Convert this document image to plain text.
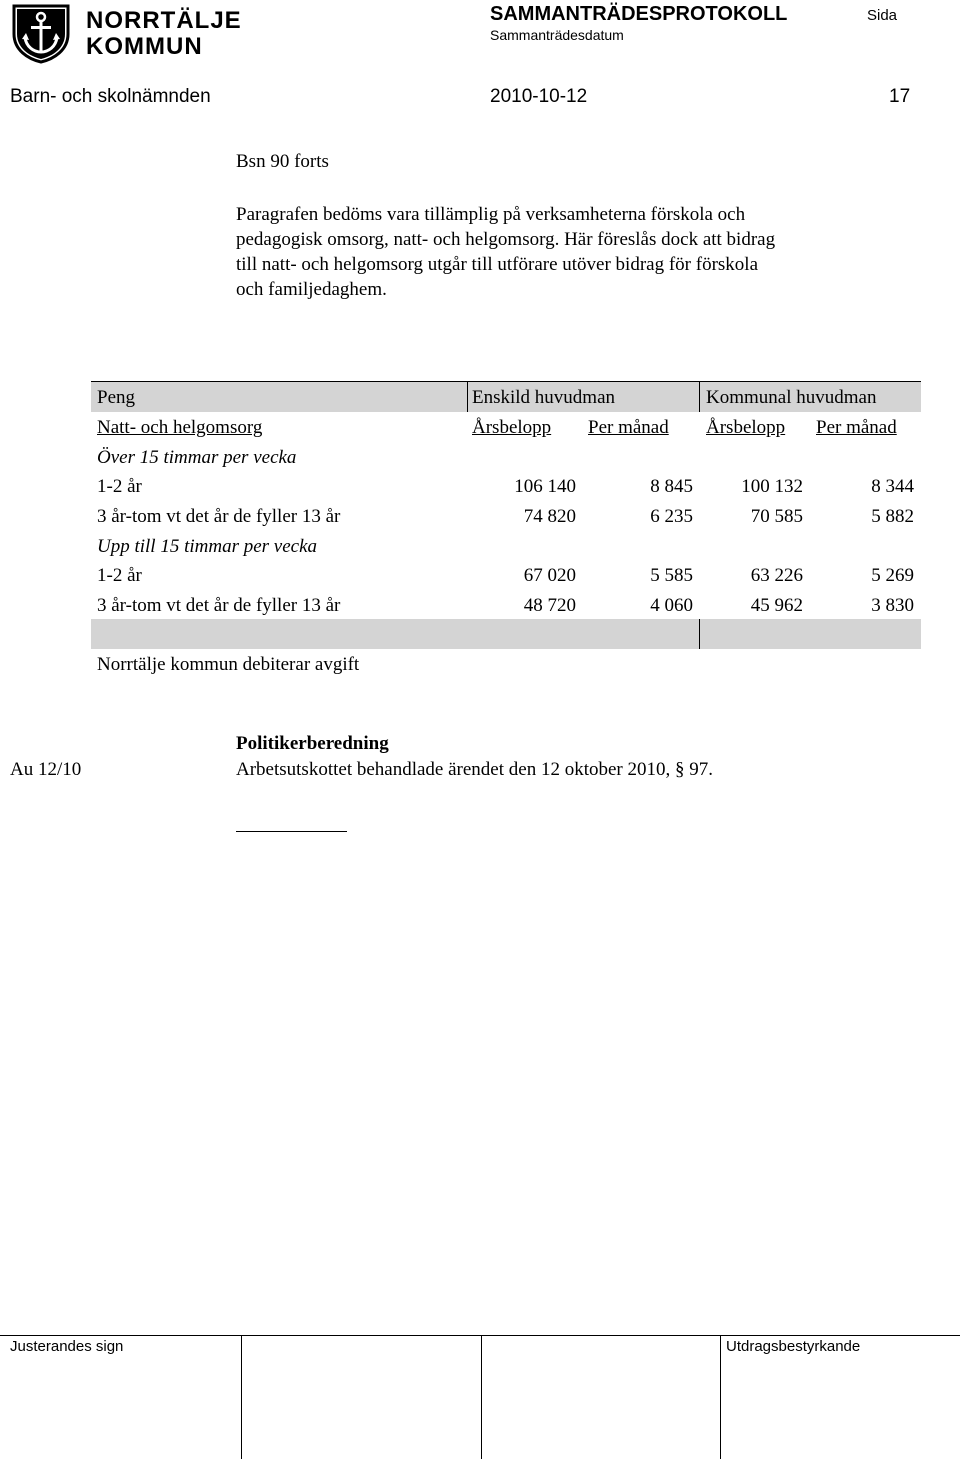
NORRTÄLJE
KOMMUN
SAMMANTRÄDESPROTOKOLL
Sammanträdesdatum
Sida
Barn- och skolnämnden	2010-10-12	17
Bsn 90 forts
Paragrafen bedöms vara tillämplig på verksamheterna förskola och
pedagogisk omsorg, natt- och helgomsorg. Här föreslås dock att bidrag
till natt- och helgomsorg utgår till utförare utöver bidrag för förskola
och familjedaghem.
Peng	Enskild huvudman	Kommunal huvudman
Natt- och helgomsorg	Årsbelopp Per månad Årsbelopp Per månad
Över 15 timmar per vecka
1-2 år	106 140	8 845	100 132	8 344
3 år-tom vt det år de fyller 13 år	74 820	6 235	70 585	5 882
Upp till 15 timmar per vecka
1-2 år	67 020	5 585	63 226	5 269
3 år-tom vt det år de fyller 13 år	48 720	4 060	45 962	3 830
Norrtälje kommun debiterar avgift
Politikerberedning
Au 12/10	Arbetsutskottet behandlade ärendet den 12 oktober 2010, § 97.
Justerandes sign	Utdragsbestyrkande
